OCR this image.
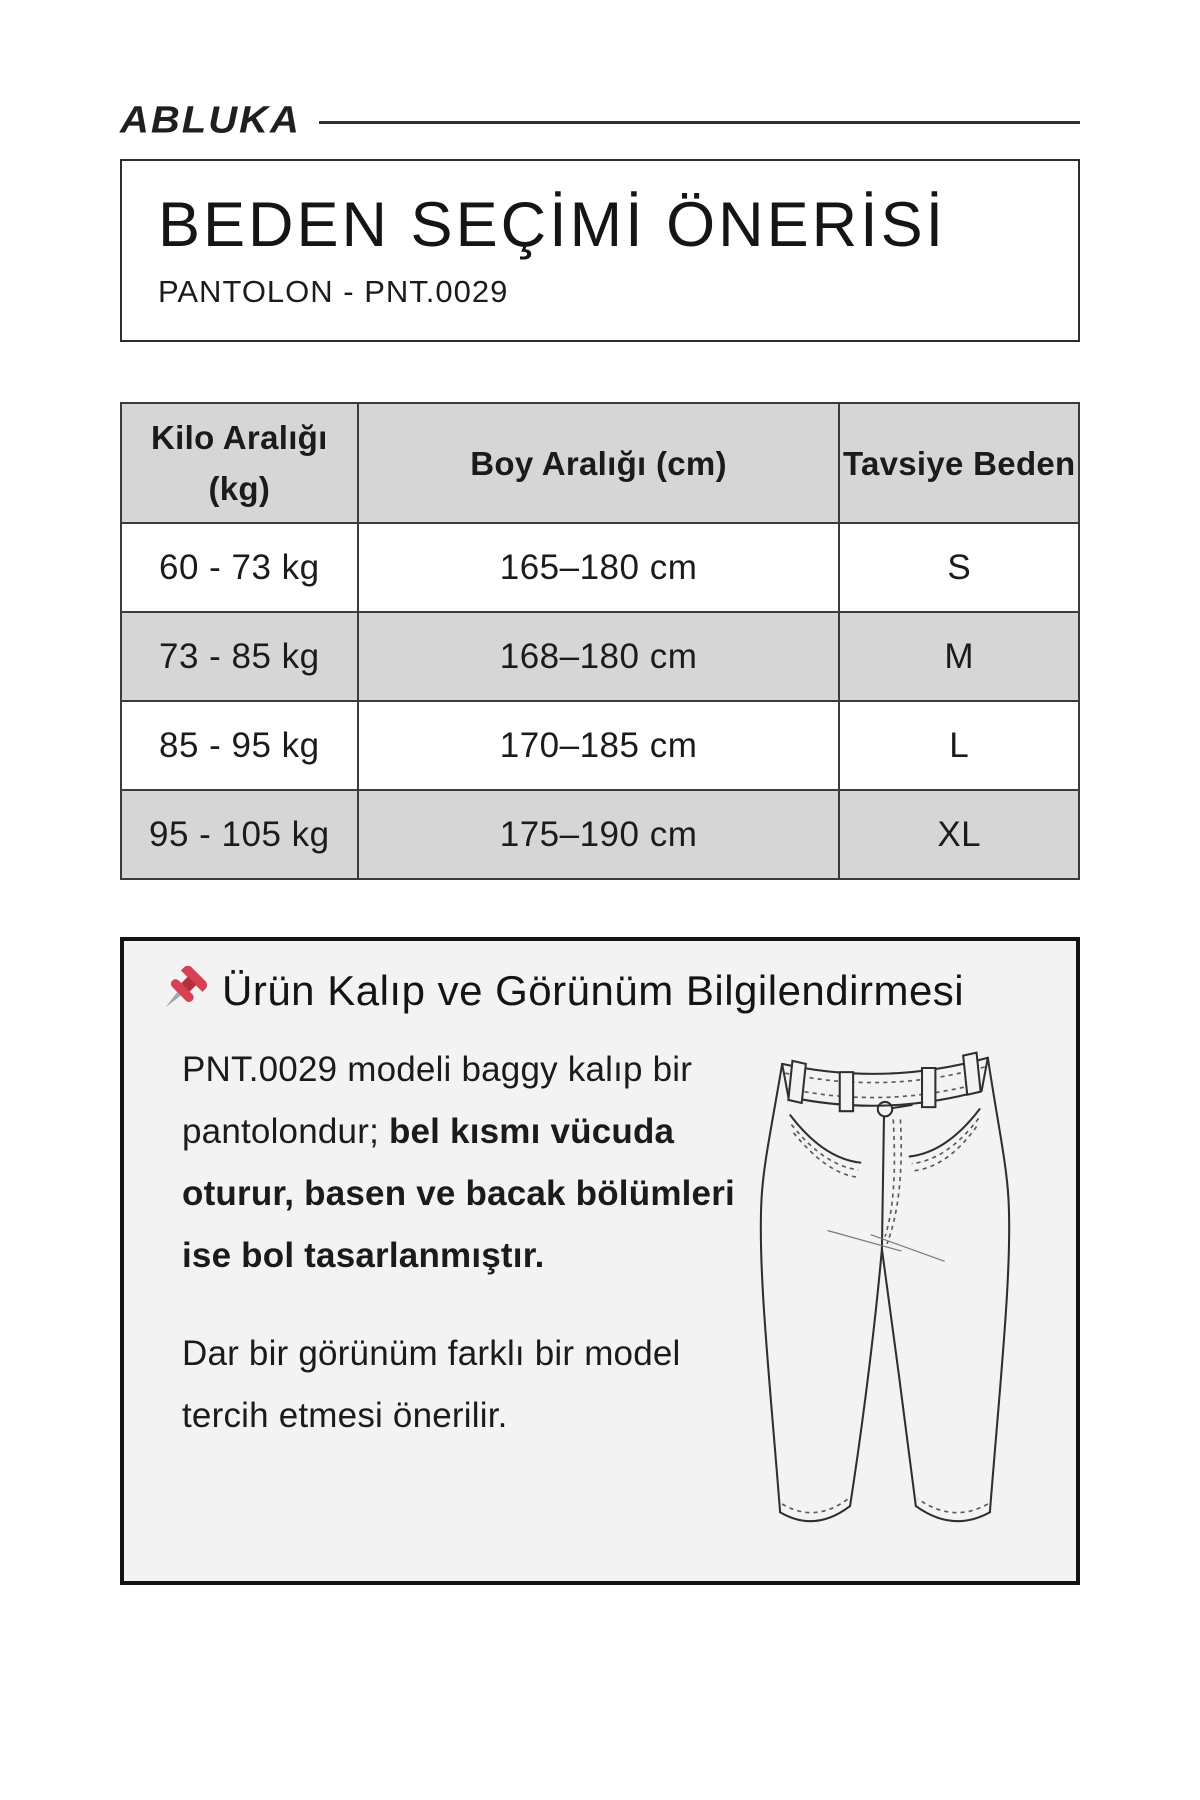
ABLUKA
BEDEN SEÇİMİ ÖNERİSİ
PANTOLON - PNT.0029
Kilo Aralığı (kg)	Boy Aralığı (cm)	Tavsiye Beden
60 - 73 kg	165–180 cm	S
73 - 85 kg	168–180 cm	M
85 - 95 kg	170–185 cm	L
95 - 105 kg	175–190 cm	XL
Ürün Kalıp ve Görünüm Bilgilendirmesi

PNT.0029 modeli baggy kalıp bir pantolondur; bel kısmı vücuda oturur, basen ve bacak bölümleri ise bol tasarlanmıştır.

Dar bir görünüm farklı bir model tercih etmesi önerilir.
